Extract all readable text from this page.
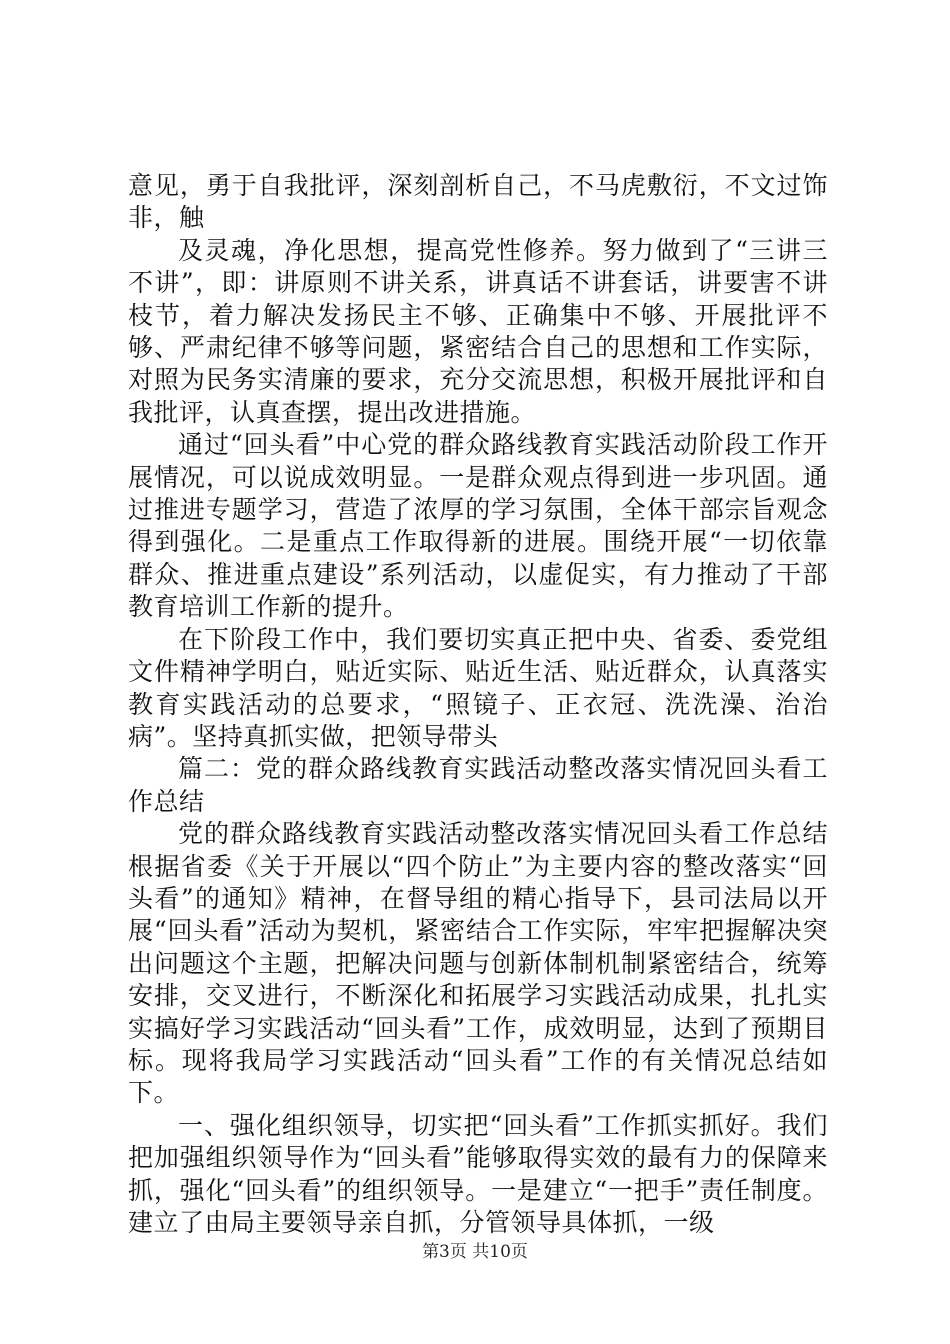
意见，勇于自我批评，深刻剖析自己，不马虎敷衍，不文过饰非，触

及灵魂，净化思想，提高党性修养。努力做到了“三讲三不讲”，即：讲原则不讲关系，讲真话不讲套话，讲要害不讲枝节，着力解决发扬民主不够、正确集中不够、开展批评不够、严肃纪律不够等问题，紧密结合自己的思想和工作实际，对照为民务实清廉的要求，充分交流思想，积极开展批评和自我批评，认真查摆，提出改进措施。

通过“回头看”中心党的群众路线教育实践活动阶段工作开展情况，可以说成效明显。一是群众观点得到进一步巩固。通过推进专题学习，营造了浓厚的学习氛围，全体干部宗旨观念得到强化。二是重点工作取得新的进展。围绕开展“一切依靠群众、推进重点建设”系列活动，以虚促实，有力推动了干部教育培训工作新的提升。

在下阶段工作中，我们要切实真正把中央、省委、委党组文件精神学明白，贴近实际、贴近生活、贴近群众，认真落实教育实践活动的总要求，“照镜子、正衣冠、洗洗澡、治治病”。坚持真抓实做，把领导带头

篇二：党的群众路线教育实践活动整改落实情况回头看工作总结

党的群众路线教育实践活动整改落实情况回头看工作总结根据省委《关于开展以“四个防止”为主要内容的整改落实“回头看”的通知》精神，在督导组的精心指导下，县司法局以开展“回头看”活动为契机，紧密结合工作实际，牢牢把握解决突出问题这个主题，把解决问题与创新体制机制紧密结合，统筹安排，交叉进行，不断深化和拓展学习实践活动成果，扎扎实实搞好学习实践活动“回头看”工作，成效明显，达到了预期目标。现将我局学习实践活动“回头看”工作的有关情况总结如下。

一、强化组织领导，切实把“回头看”工作抓实抓好。我们把加强组织领导作为“回头看”能够取得实效的最有力的保障来抓，强化“回头看”的组织领导。一是建立“一把手”责任制度。建立了由局主要领导亲自抓，分管领导具体抓，一级

第3页 共10页
